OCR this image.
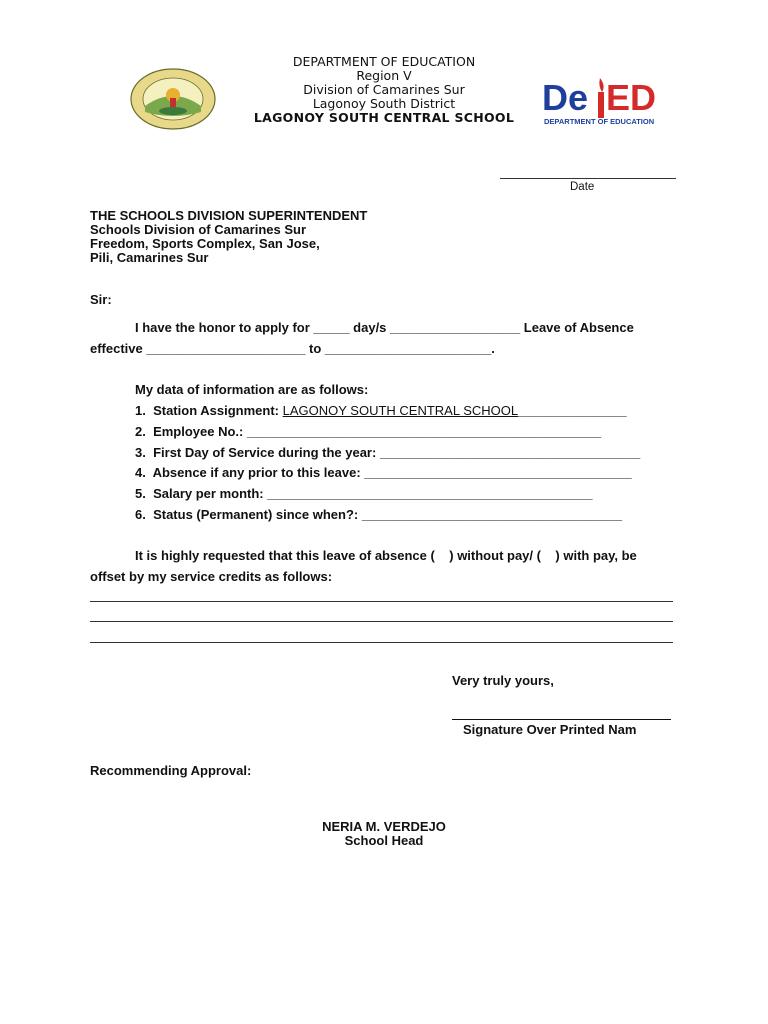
De ED
DEPARTMENT OF EDUCATION
DEPARTMENT OF EDUCATION
Region V
Division of Camarines Sur
Lagonoy South District
LAGONOY SOUTH CENTRAL SCHOOL
Date
THE SCHOOLS DIVISION SUPERINTENDENT
Schools Division of Camarines Sur
Freedom, Sports Complex, San Jose,
Pili, Camarines Sur
Sir:
I have the honor to apply for _____ day/s __________________ Leave of Absence
effective ______________________ to _______________________.
My data of information are as follows:
1. Station Assignment: LAGONOY SOUTH CENTRAL SCHOOL_______________
2. Employee No.: _________________________________________________
3. First Day of Service during the year: ____________________________________
4. Absence if any prior to this leave: _____________________________________
5. Salary per month: _____________________________________________
6. Status (Permanent) since when?: ____________________________________
It is highly requested that this leave of absence (    ) without pay/ (    ) with pay, be
offset by my service credits as follows:
Very truly yours,
Signature Over Printed Nam
Recommending Approval:
NERIA M. VERDEJO
School Head
